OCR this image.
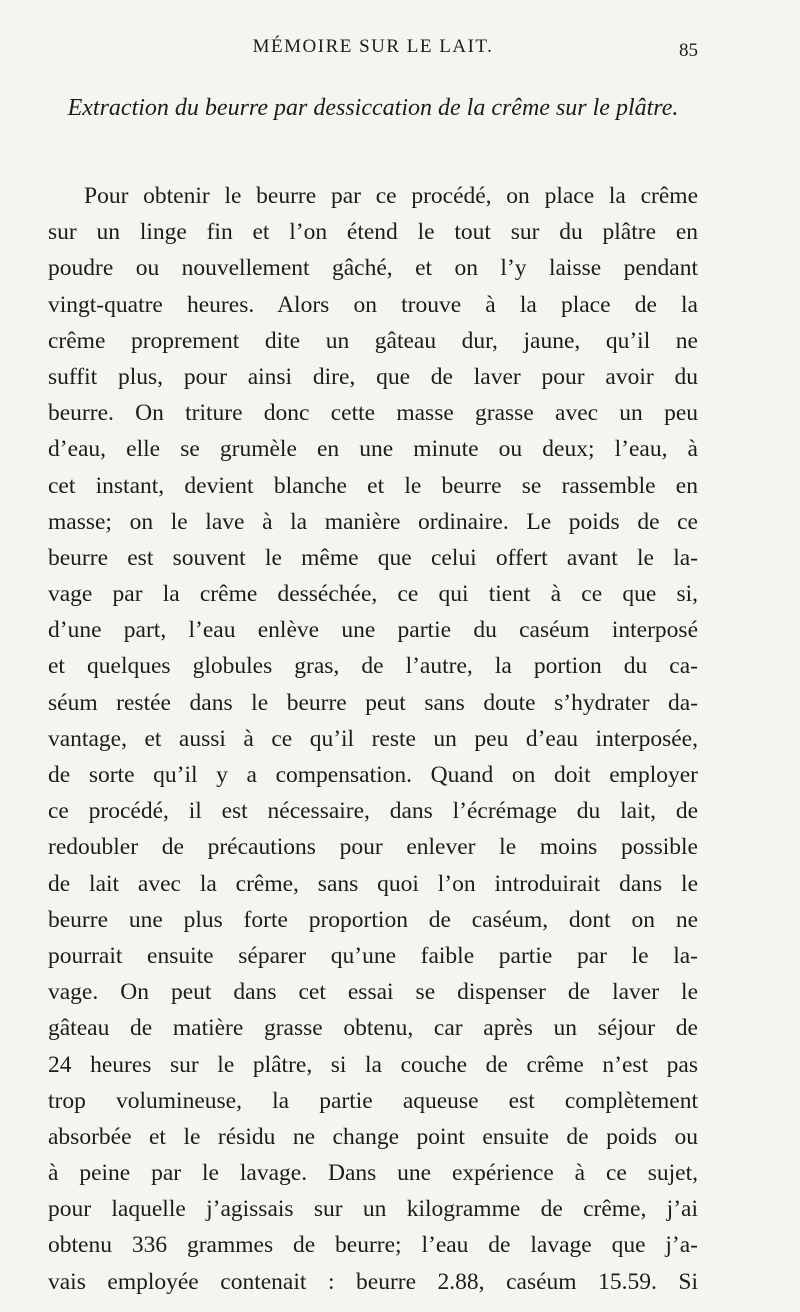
MÉMOIRE SUR LE LAIT.	85
Extraction du beurre par dessiccation de la crême sur le plâtre.
Pour obtenir le beurre par ce procédé, on place la crême
sur un linge fin et l’on étend le tout sur du plâtre en
poudre ou nouvellement gâché, et on l’y laisse pendant
vingt-quatre heures. Alors on trouve à la place de la
crême proprement dite un gâteau dur, jaune, qu’il ne
suffit plus, pour ainsi dire, que de laver pour avoir du
beurre. On triture donc cette masse grasse avec un peu
d’eau, elle se grumèle en une minute ou deux; l’eau, à
cet instant, devient blanche et le beurre se rassemble en
masse; on le lave à la manière ordinaire. Le poids de ce
beurre est souvent le même que celui offert avant le la-
vage par la crême desséchée, ce qui tient à ce que si,
d’une part, l’eau enlève une partie du caséum interposé
et quelques globules gras, de l’autre, la portion du ca-
séum restée dans le beurre peut sans doute s’hydrater da-
vantage, et aussi à ce qu’il reste un peu d’eau interposée,
de sorte qu’il y a compensation. Quand on doit employer
ce procédé, il est nécessaire, dans l’écrémage du lait, de
redoubler de précautions pour enlever le moins possible
de lait avec la crême, sans quoi l’on introduirait dans le
beurre une plus forte proportion de caséum, dont on ne
pourrait ensuite séparer qu’une faible partie par le la-
vage. On peut dans cet essai se dispenser de laver le
gâteau de matière grasse obtenu, car après un séjour de
24 heures sur le plâtre, si la couche de crême n’est pas
trop volumineuse, la partie aqueuse est complètement
absorbée et le résidu ne change point ensuite de poids ou
à peine par le lavage. Dans une expérience à ce sujet,
pour laquelle j’agissais sur un kilogramme de crême, j’ai
obtenu 336 grammes de beurre; l’eau de lavage que j’a-
vais employée contenait : beurre 2.88, caséum 15.59. Si
